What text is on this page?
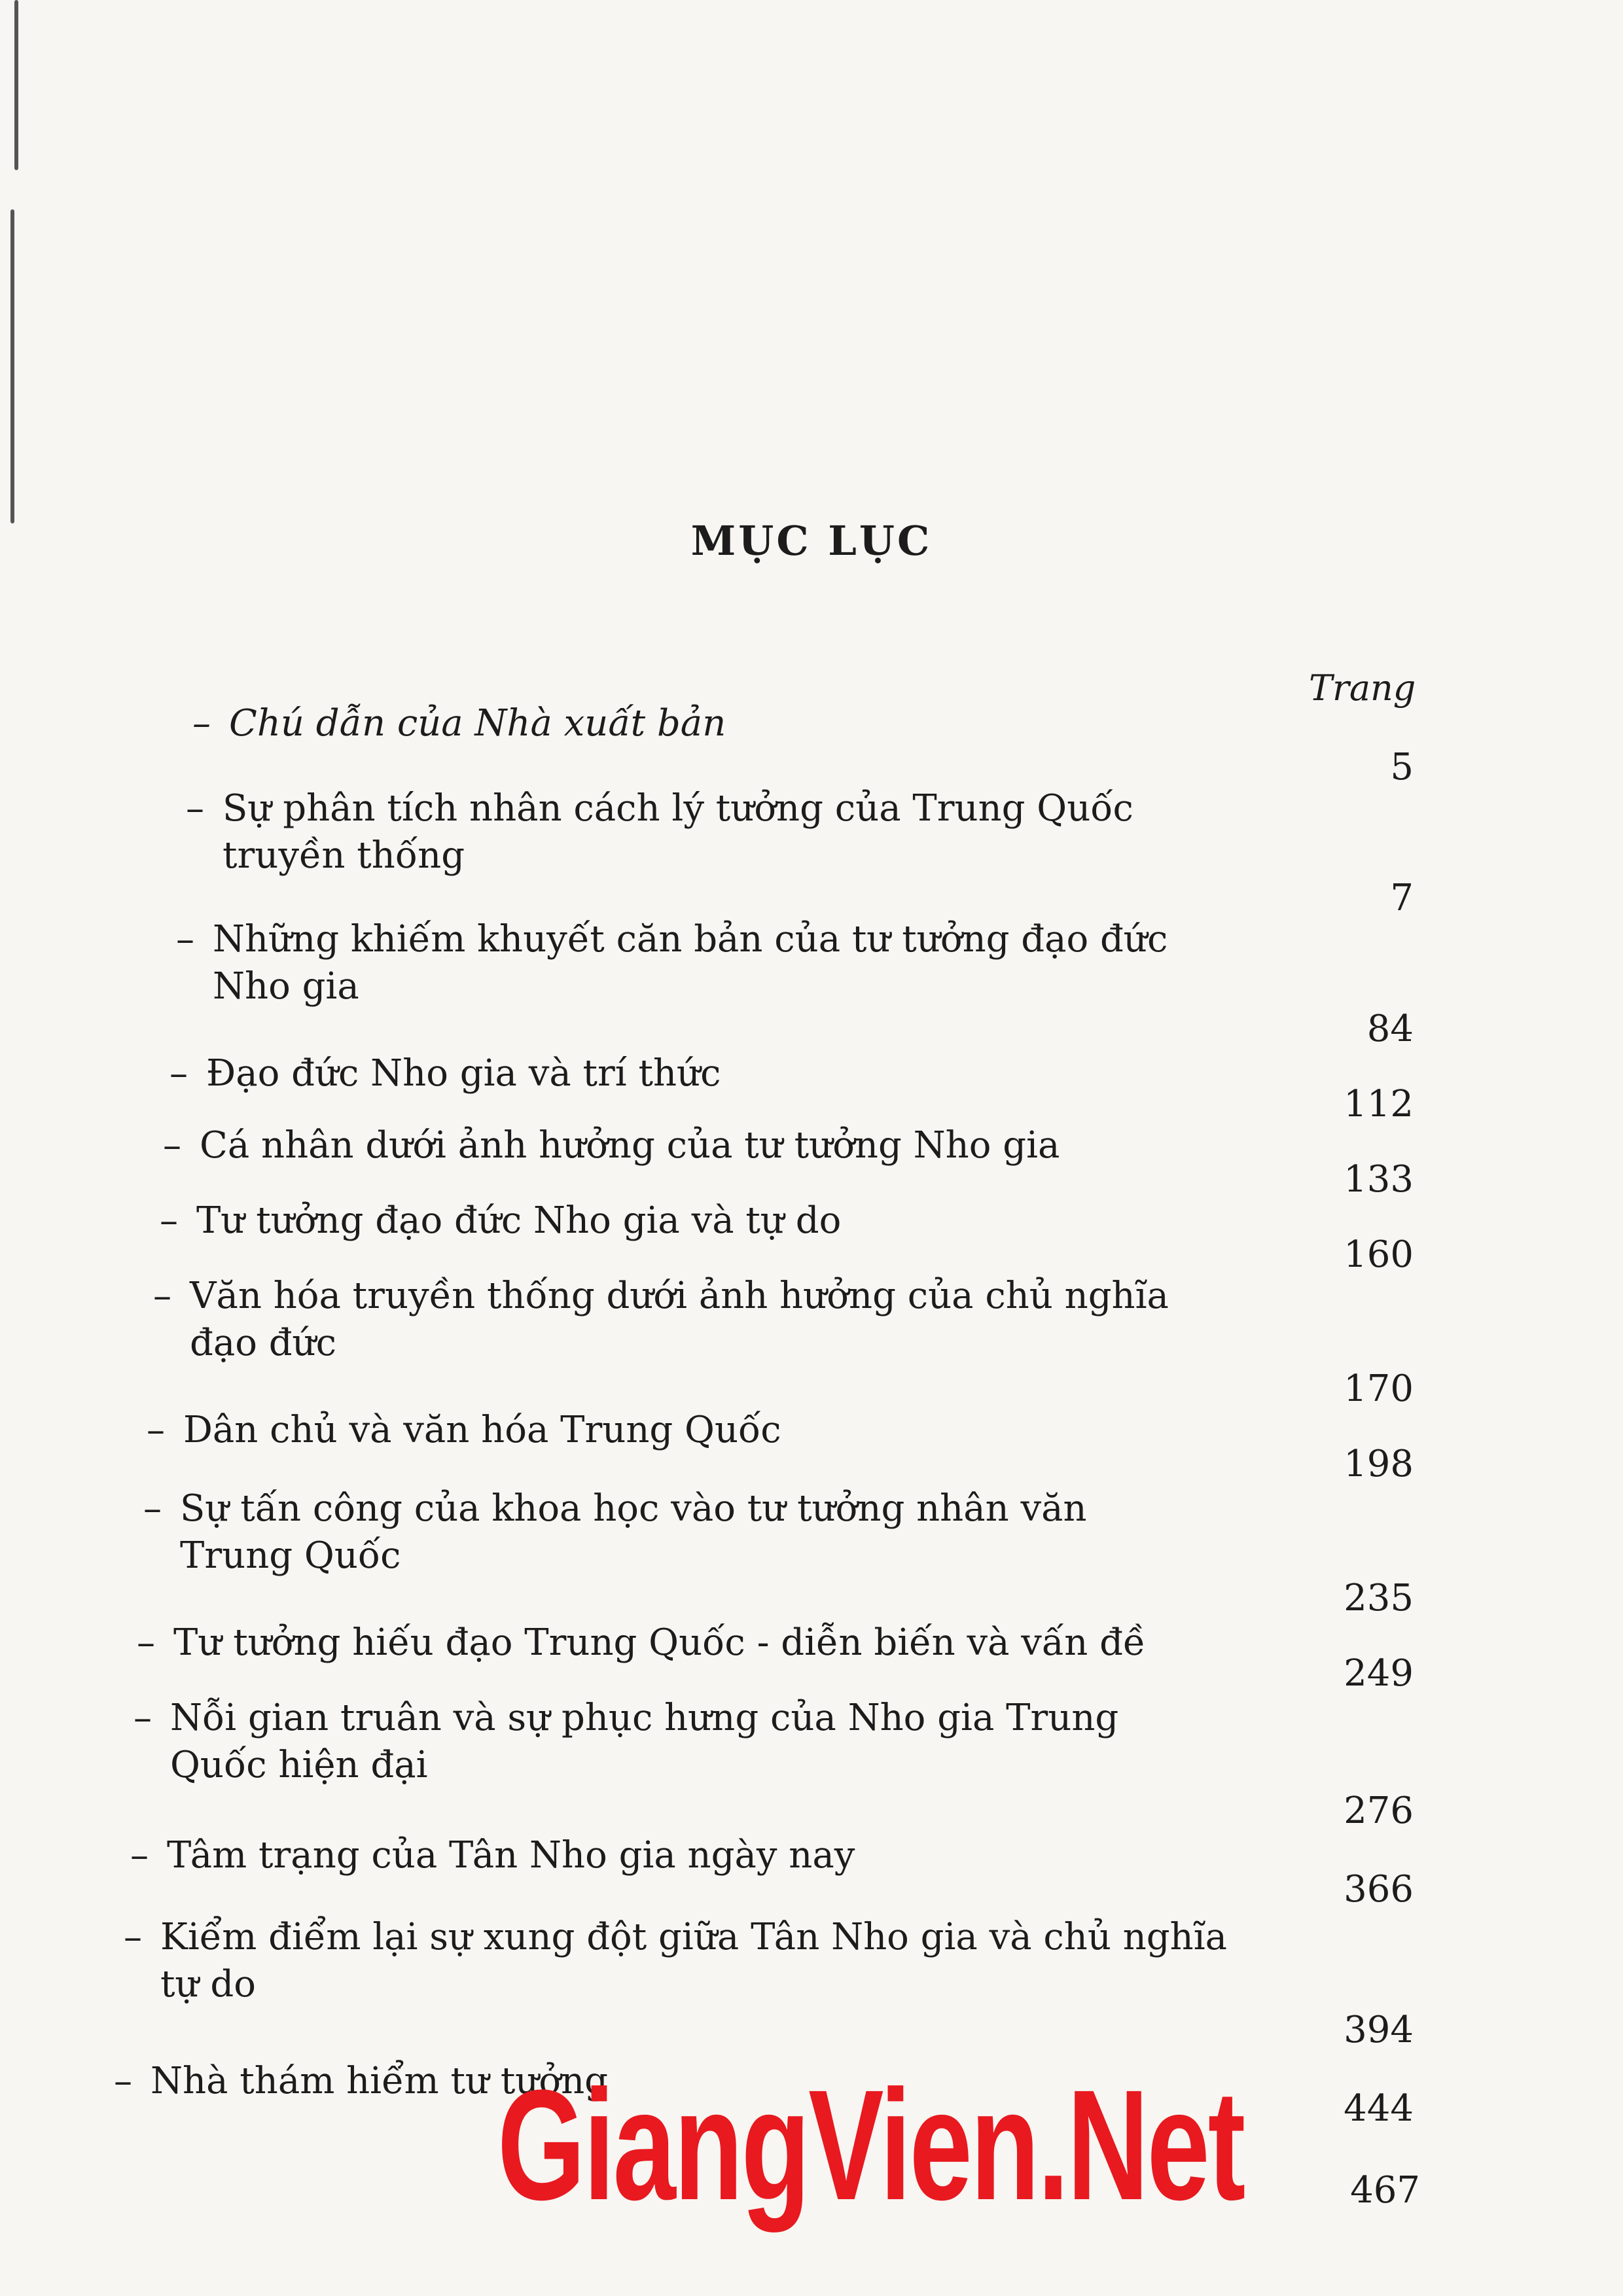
MỤC LỤC
Trang
– Chú dẫn của Nhà xuất bản
5
– Sự phân tích nhân cách lý tưởng của Trung Quốc truyền thống
7
– Những khiếm khuyết căn bản của tư tưởng đạo đức Nho gia
84
– Đạo đức Nho gia và trí thức
112
– Cá nhân dưới ảnh hưởng của tư tưởng Nho gia
133
– Tư tưởng đạo đức Nho gia và tự do
160
– Văn hóa truyền thống dưới ảnh hưởng của chủ nghĩa đạo đức
170
– Dân chủ và văn hóa Trung Quốc
198
– Sự tấn công của khoa học vào tư tưởng nhân văn Trung Quốc
235
– Tư tưởng hiếu đạo Trung Quốc - diễn biến và vấn đề
249
– Nỗi gian truân và sự phục hưng của Nho gia Trung Quốc hiện đại
276
– Tâm trạng của Tân Nho gia ngày nay
366
– Kiểm điểm lại sự xung đột giữa Tân Nho gia và chủ nghĩa tự do
394
– Nhà thám hiểm tư tưởng
444
467
GiangVien.Net
